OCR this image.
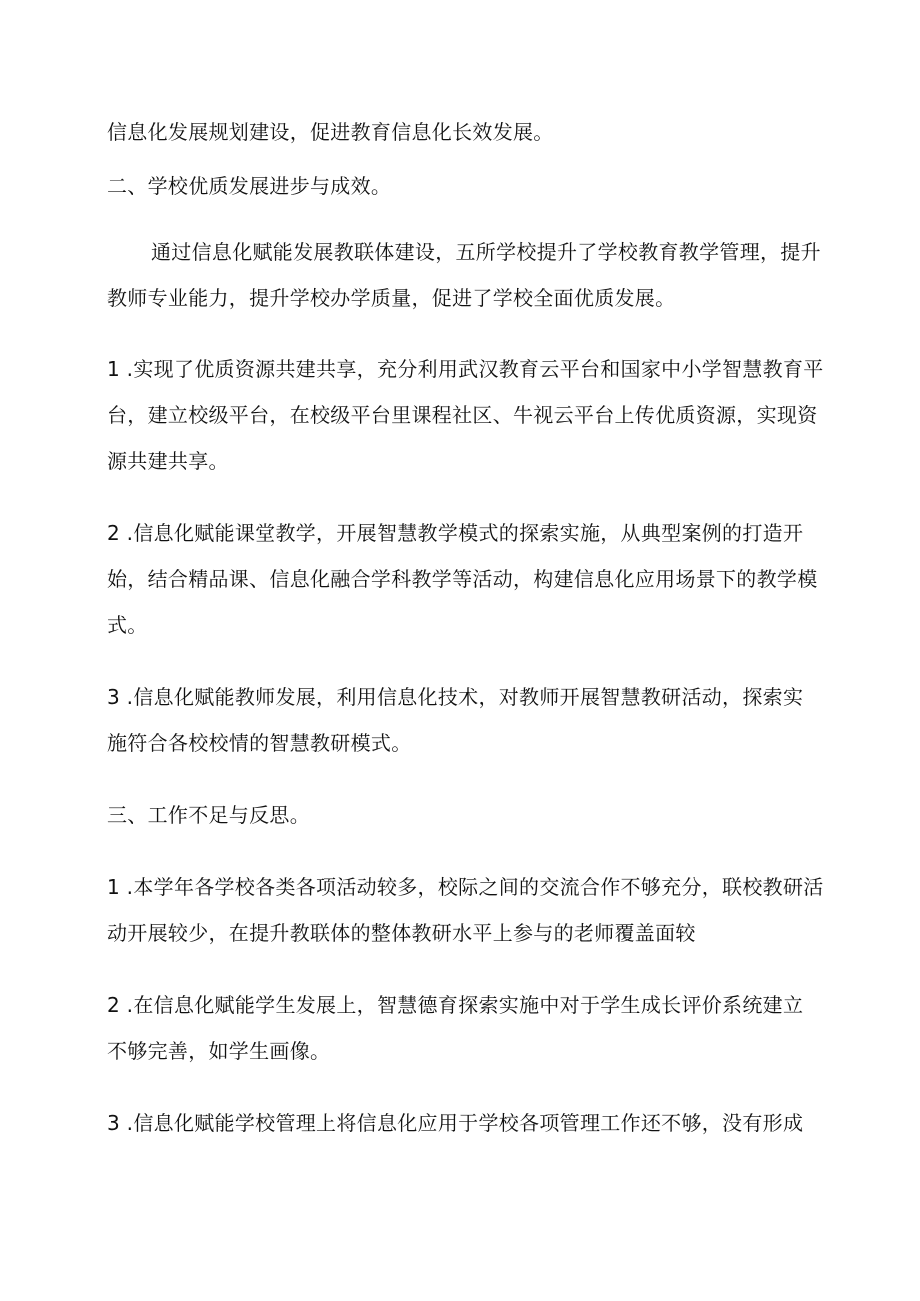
信息化发展规划建设，促进教育信息化长效发展。
二、学校优质发展进步与成效。
通过信息化赋能发展教联体建设，五所学校提升了学校教育教学管理，提升
教师专业能力，提升学校办学质量，促进了学校全面优质发展。
1 .实现了优质资源共建共享，充分利用武汉教育云平台和国家中小学智慧教育平
台，建立校级平台，在校级平台里课程社区、牛视云平台上传优质资源，实现资
源共建共享。
2 .信息化赋能课堂教学，开展智慧教学模式的探索实施，从典型案例的打造开
始，结合精品课、信息化融合学科教学等活动，构建信息化应用场景下的教学模
式。
3 .信息化赋能教师发展，利用信息化技术，对教师开展智慧教研活动，探索实
施符合各校校情的智慧教研模式。
三、工作不足与反思。
1 .本学年各学校各类各项活动较多，校际之间的交流合作不够充分，联校教研活
动开展较少，在提升教联体的整体教研水平上参与的老师覆盖面较
2 .在信息化赋能学生发展上，智慧德育探索实施中对于学生成长评价系统建立
不够完善，如学生画像。
3 .信息化赋能学校管理上将信息化应用于学校各项管理工作还不够，没有形成
